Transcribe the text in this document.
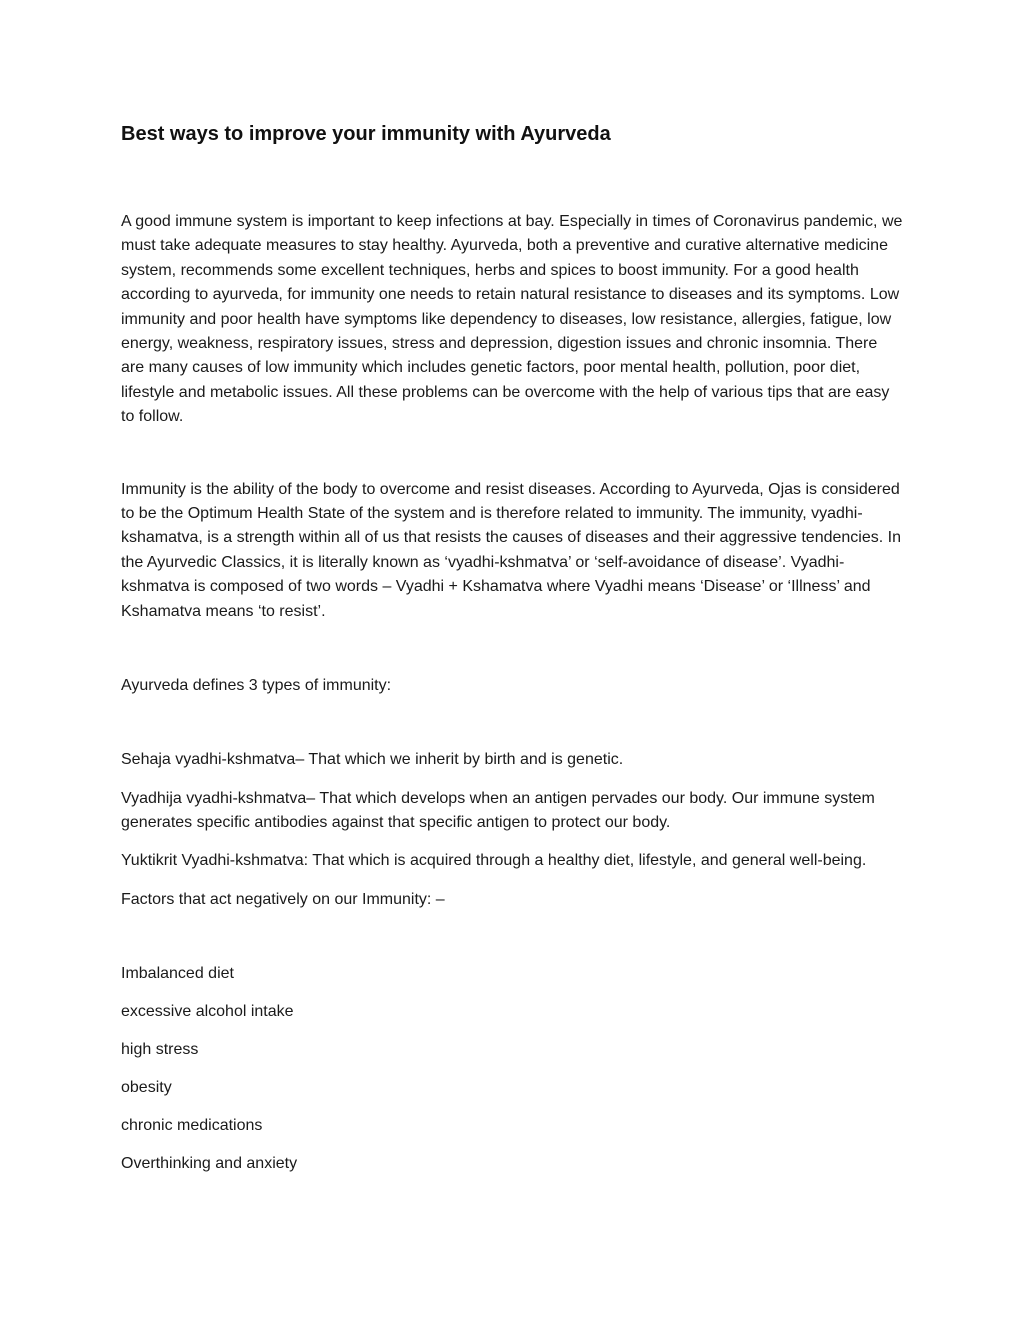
Best ways to improve your immunity with Ayurveda

A good immune system is important to keep infections at bay. Especially in times of Coronavirus pandemic, we must take adequate measures to stay healthy. Ayurveda, both a preventive and curative alternative medicine system, recommends some excellent techniques, herbs and spices to boost immunity. For a good health according to ayurveda, for immunity one needs to retain natural resistance to diseases and its symptoms. Low immunity and poor health have symptoms like dependency to diseases, low resistance, allergies, fatigue, low energy, weakness, respiratory issues, stress and depression, digestion issues and chronic insomnia. There are many causes of low immunity which includes genetic factors, poor mental health, pollution, poor diet, lifestyle and metabolic issues. All these problems can be overcome with the help of various tips that are easy to follow.

Immunity is the ability of the body to overcome and resist diseases. According to Ayurveda, Ojas is considered to be the Optimum Health State of the system and is therefore related to immunity. The immunity, vyadhi-kshamatva, is a strength within all of us that resists the causes of diseases and their aggressive tendencies. In the Ayurvedic Classics, it is literally known as ‘vyadhi-kshmatva’ or ‘self-avoidance of disease’. Vyadhi-kshmatva is composed of two words – Vyadhi + Kshamatva where Vyadhi means ‘Disease’ or ‘Illness’ and Kshamatva means ‘to resist’.

Ayurveda defines 3 types of immunity:

Sehaja vyadhi-kshmatva– That which we inherit by birth and is genetic.

Vyadhija vyadhi-kshmatva– That which develops when an antigen pervades our body. Our immune system generates specific antibodies against that specific antigen to protect our body.

Yuktikrit Vyadhi-kshmatva: That which is acquired through a healthy diet, lifestyle, and general well-being.

Factors that act negatively on our Immunity: –

Imbalanced diet

excessive alcohol intake

high stress

obesity

chronic medications

Overthinking and anxiety
